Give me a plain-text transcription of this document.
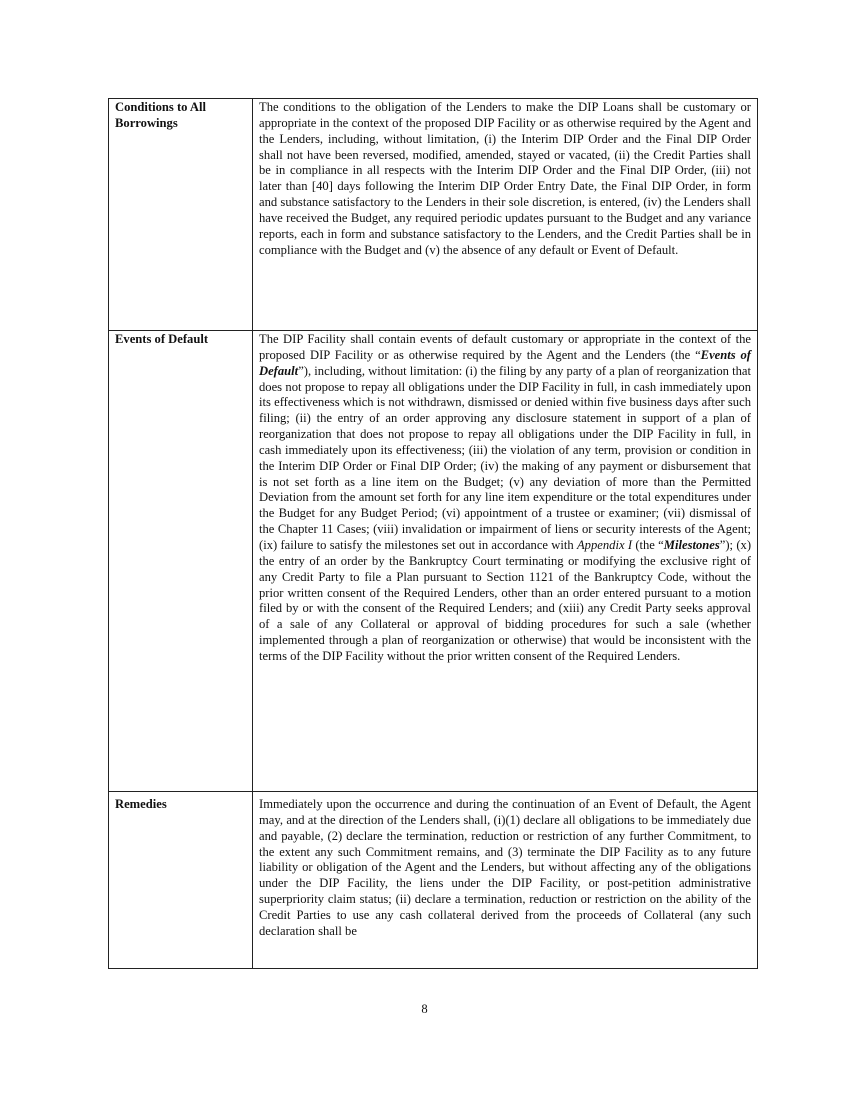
Conditions to All Borrowings	The conditions to the obligation of the Lenders to make the DIP Loans shall be customary or appropriate in the context of the proposed DIP Facility or as otherwise required by the Agent and the Lenders, including, without limitation, (i) the Interim DIP Order and the Final DIP Order shall not have been reversed, modified, amended, stayed or vacated, (ii) the Credit Parties shall be in compliance in all respects with the Interim DIP Order and the Final DIP Order, (iii) not later than [40] days following the Interim DIP Order Entry Date, the Final DIP Order, in form and substance satisfactory to the Lenders in their sole discretion, is entered, (iv) the Lenders shall have received the Budget, any required periodic updates pursuant to the Budget and any variance reports, each in form and substance satisfactory to the Lenders, and the Credit Parties shall be in compliance with the Budget and (v) the absence of any default or Event of Default.
Events of Default	The DIP Facility shall contain events of default customary or appropriate in the context of the proposed DIP Facility or as otherwise required by the Agent and the Lenders (the “Events of Default”), including, without limitation: (i) the filing by any party of a plan of reorganization that does not propose to repay all obligations under the DIP Facility in full, in cash immediately upon its effectiveness which is not withdrawn, dismissed or denied within five business days after such filing; (ii) the entry of an order approving any disclosure statement in support of a plan of reorganization that does not propose to repay all obligations under the DIP Facility in full, in cash immediately upon its effectiveness; (iii) the violation of any term, provision or condition in the Interim DIP Order or Final DIP Order; (iv) the making of any payment or disbursement that is not set forth as a line item on the Budget; (v) any deviation of more than the Permitted Deviation from the amount set forth for any line item expenditure or the total expenditures under the Budget for any Budget Period; (vi) appointment of a trustee or examiner; (vii) dismissal of the Chapter 11 Cases; (viii) invalidation or impairment of liens or security interests of the Agent; (ix) failure to satisfy the milestones set out in accordance with Appendix I (the “Milestones”); (x) the entry of an order by the Bankruptcy Court terminating or modifying the exclusive right of any Credit Party to file a Plan pursuant to Section 1121 of the Bankruptcy Code, without the prior written consent of the Required Lenders, other than an order entered pursuant to a motion filed by or with the consent of the Required Lenders; and (xiii) any Credit Party seeks approval of a sale of any Collateral or approval of bidding procedures for such a sale (whether implemented through a plan of reorganization or otherwise) that would be inconsistent with the terms of the DIP Facility without the prior written consent of the Required Lenders.
Remedies	Immediately upon the occurrence and during the continuation of an Event of Default, the Agent may, and at the direction of the Lenders shall, (i)(1) declare all obligations to be immediately due and payable, (2) declare the termination, reduction or restriction of any further Commitment, to the extent any such Commitment remains, and (3) terminate the DIP Facility as to any future liability or obligation of the Agent and the Lenders, but without affecting any of the obligations under the DIP Facility, the liens under the DIP Facility, or post-petition administrative superpriority claim status; (ii) declare a termination, reduction or restriction on the ability of the Credit Parties to use any cash collateral derived from the proceeds of Collateral (any such declaration shall be
8
